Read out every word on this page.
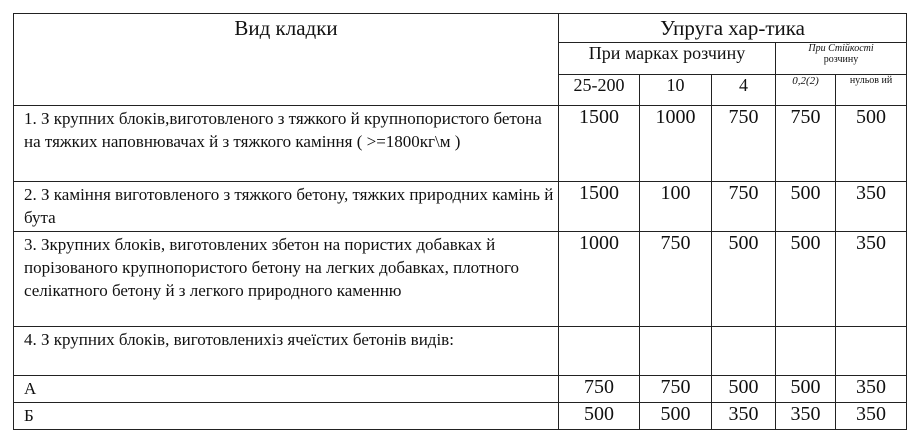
Вид кладки	Упруга хар-тика				
	При марках розчину			При Стійкості
розчину	
	25-200	10	4	0,2(2)	нульов ий
1. З крупних блоків,виготовленого з тяжкого й крупнопористого бетона на тяжких наповнювачах й з тяжкого каміння ( >=1800кг\м )	1500	1000	750	750	500
2. З каміння виготовленого з тяжкого бетону, тяжких природних камінь й бута	1500	100	750	500	350
3. Зкрупних блоків, виготовлених збетон на пористих добавках й порізованого крупнопористого бетону на легких добавках, плотного селікатного бетону й з легкого природного каменню	1000	750	500	500	350
4. З крупних блоків, виготовленихіз ячеїстих бетонів видів:					
А	750	750	500	500	350
Б	500	500	350	350	350
